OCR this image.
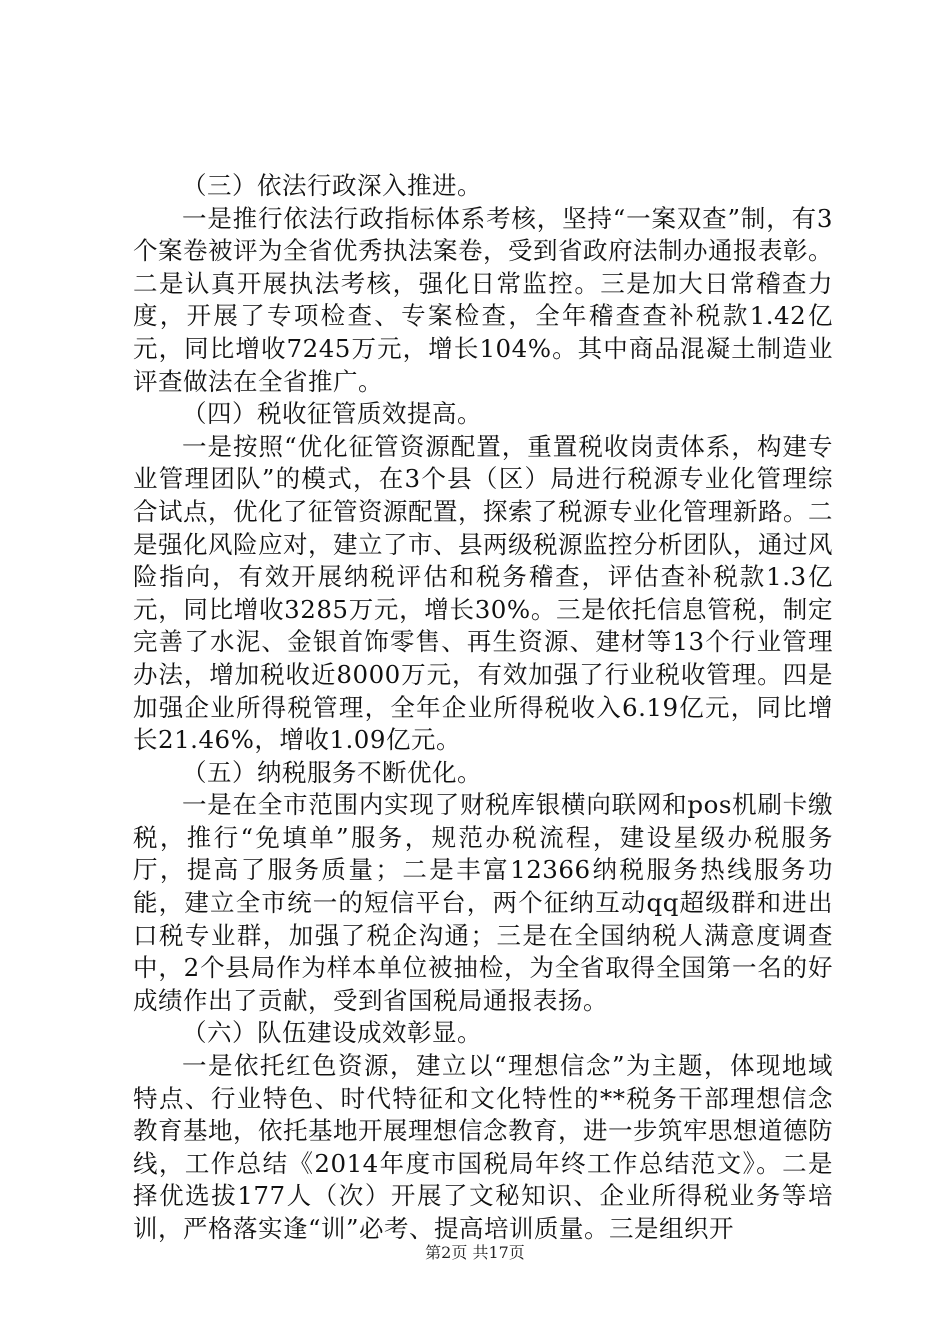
（三）依法行政深入推进。

一是推行依法行政指标体系考核，坚持“一案双查”制，有3个案卷被评为全省优秀执法案卷，受到省政府法制办通报表彰。二是认真开展执法考核，强化日常监控。三是加大日常稽查力度，开展了专项检查、专案检查，全年稽查查补税款1.42亿元，同比增收7245万元，增长104%。其中商品混凝土制造业评查做法在全省推广。

（四）税收征管质效提高。

一是按照“优化征管资源配置，重置税收岗责体系，构建专业管理团队”的模式，在3个县（区）局进行税源专业化管理综合试点，优化了征管资源配置，探索了税源专业化管理新路。二是强化风险应对，建立了市、县两级税源监控分析团队，通过风险指向，有效开展纳税评估和税务稽查，评估查补税款1.3亿元，同比增收3285万元，增长30%。三是依托信息管税，制定完善了水泥、金银首饰零售、再生资源、建材等13个行业管理办法，增加税收近8000万元，有效加强了行业税收管理。四是加强企业所得税管理，全年企业所得税收入6.19亿元，同比增长21.46%，增收1.09亿元。

（五）纳税服务不断优化。

一是在全市范围内实现了财税库银横向联网和pos机刷卡缴税，推行“免填单”服务，规范办税流程，建设星级办税服务厅，提高了服务质量；二是丰富12366纳税服务热线服务功能，建立全市统一的短信平台，两个征纳互动qq超级群和进出口税专业群，加强了税企沟通；三是在全国纳税人满意度调查中，2个县局作为样本单位被抽检，为全省取得全国第一名的好成绩作出了贡献，受到省国税局通报表扬。

（六）队伍建设成效彰显。

一是依托红色资源，建立以“理想信念”为主题，体现地域特点、行业特色、时代特征和文化特性的**税务干部理想信念教育基地，依托基地开展理想信念教育，进一步筑牢思想道德防线，工作总结《2014年度市国税局年终工作总结范文》。二是择优选拔177人（次）开展了文秘知识、企业所得税业务等培训，严格落实逢“训”必考、提高培训质量。三是组织开

第2页 共17页
